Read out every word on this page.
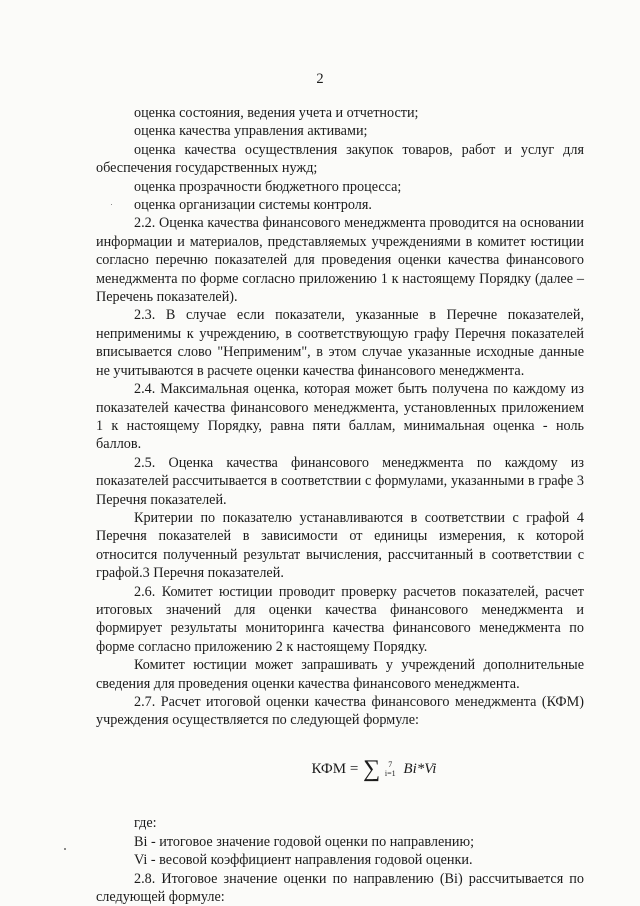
2

оценка состояния, ведения учета и отчетности;

оценка качества управления активами;

оценка качества осуществления закупок товаров, работ и услуг для обеспечения государственных нужд;

оценка прозрачности бюджетного процесса;

оценка организации системы контроля.

2.2. Оценка качества финансового менеджмента проводится на основании информации и материалов, представляемых учреждениями в комитет юстиции согласно перечню показателей для проведения оценки качества финансового менеджмента по форме согласно приложению 1 к настоящему Порядку (далее – Перечень показателей).

2.3. В случае если показатели, указанные в Перечне показателей, неприменимы к учреждению, в соответствующую графу Перечня показателей вписывается слово "Неприменим", в этом случае указанные исходные данные не учитываются в расчете оценки качества финансового менеджмента.

2.4. Максимальная оценка, которая может быть получена по каждому из показателей качества финансового менеджмента, установленных приложением 1 к настоящему Порядку, равна пяти баллам, минимальная оценка - ноль баллов.

2.5. Оценка качества финансового менеджмента по каждому из показателей рассчитывается в соответствии с формулами, указанными в графе 3 Перечня показателей.

Критерии по показателю устанавливаются в соответствии с графой 4 Перечня показателей в зависимости от единицы измерения, к которой относится полученный результат вычисления, рассчитанный в соответствии с графой.3 Перечня показателей.

2.6. Комитет юстиции проводит проверку расчетов показателей, расчет итоговых значений для оценки качества финансового менеджмента и формирует результаты мониторинга качества финансового менеджмента по форме согласно приложению 2 к настоящему Порядку.

Комитет юстиции может запрашивать у учреждений дополнительные сведения для проведения оценки качества финансового менеджмента.

2.7. Расчет итоговой оценки качества финансового менеджмента (КФМ) учреждения осуществляется по следующей формуле:

КФМ = ∑ 7
i=1 Bi*Vi

где:

Bi - итоговое значение годовой оценки по направлению;

Vi - весовой коэффициент направления годовой оценки.

2.8. Итоговое значение оценки по направлению (Bi) рассчитывается по следующей формуле:
